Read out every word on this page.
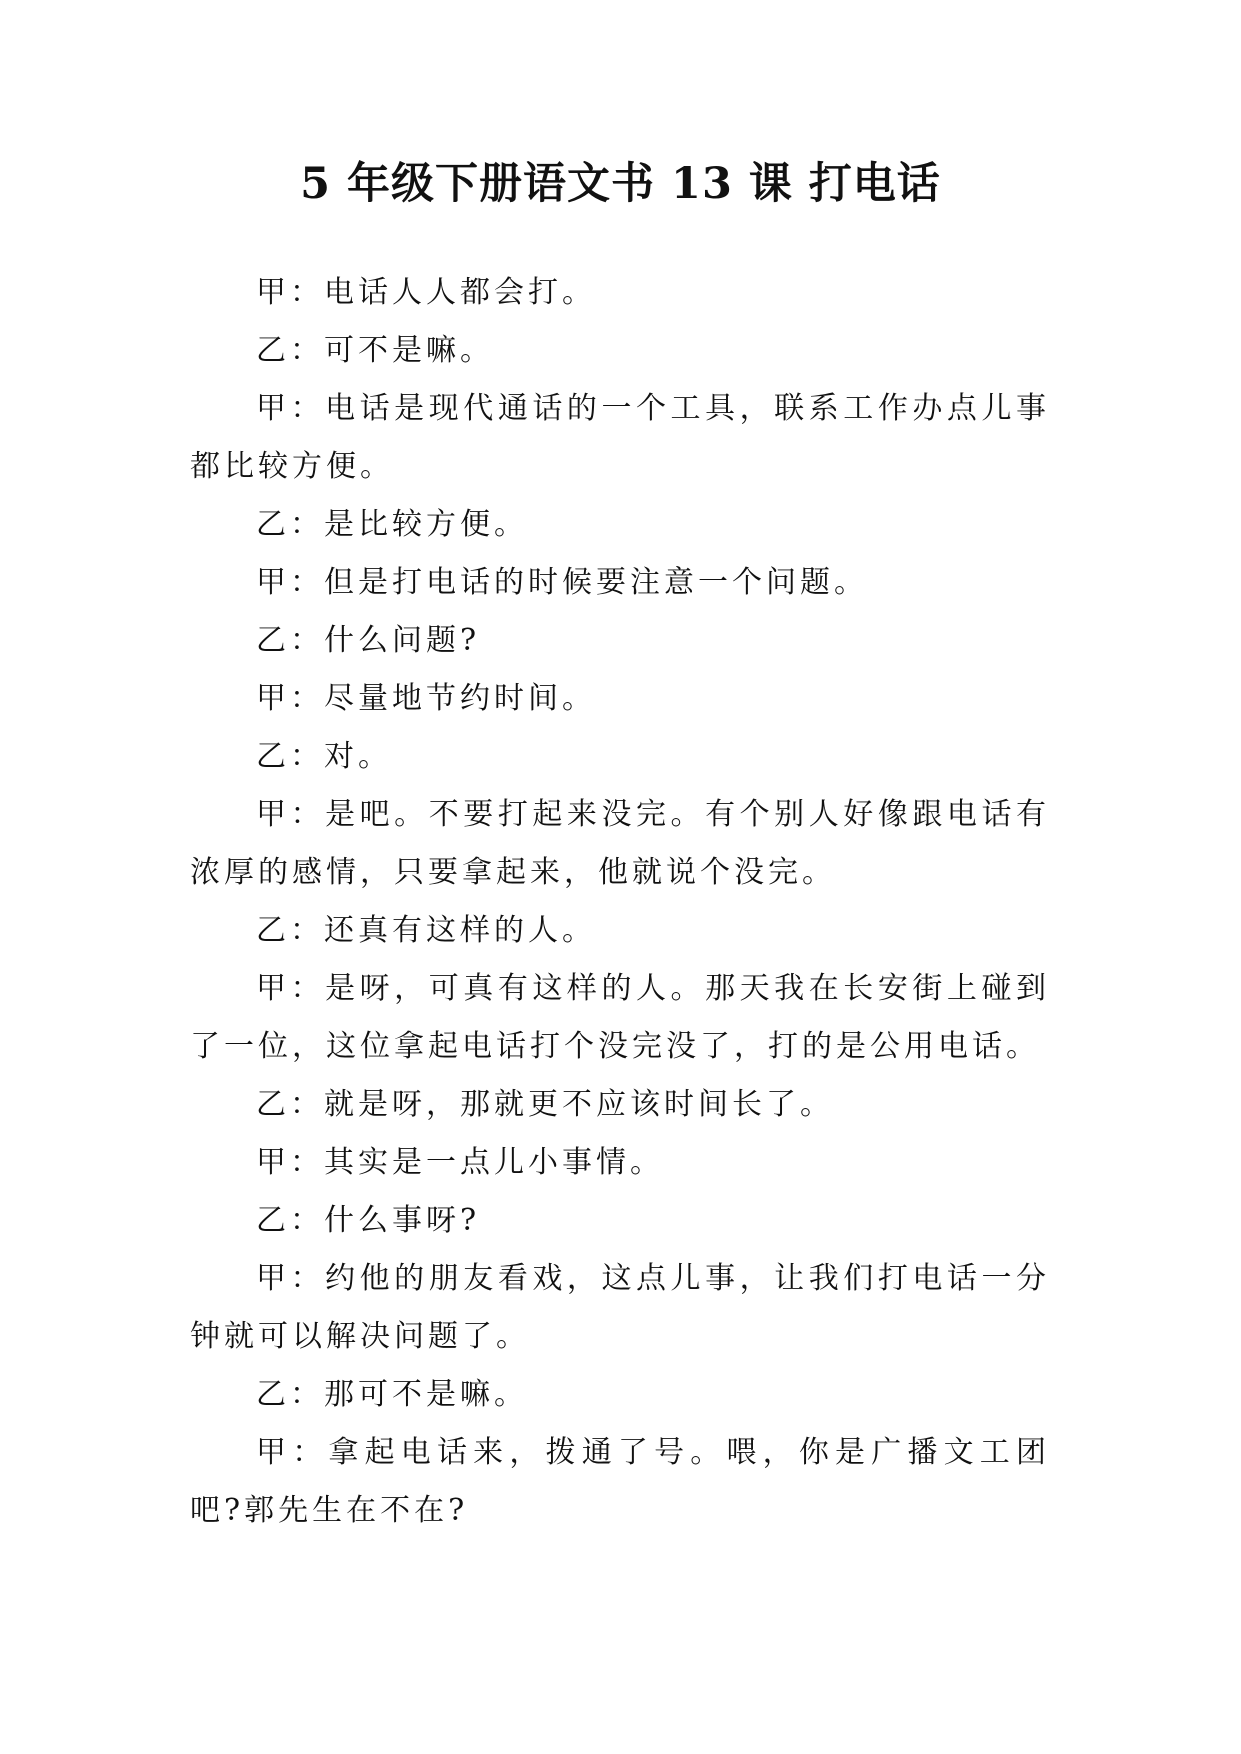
5 年级下册语文书 13 课 打电话

甲：电话人人都会打。

乙：可不是嘛。

甲：电话是现代通话的一个工具，联系工作办点儿事都比较方便。

乙：是比较方便。

甲：但是打电话的时候要注意一个问题。

乙：什么问题?

甲：尽量地节约时间。

乙：对。

甲：是吧。不要打起来没完。有个别人好像跟电话有浓厚的感情，只要拿起来，他就说个没完。

乙：还真有这样的人。

甲：是呀，可真有这样的人。那天我在长安街上碰到了一位，这位拿起电话打个没完没了，打的是公用电话。

乙：就是呀，那就更不应该时间长了。

甲：其实是一点儿小事情。

乙：什么事呀?

甲：约他的朋友看戏，这点儿事，让我们打电话一分钟就可以解决问题了。

乙：那可不是嘛。

甲：拿起电话来，拨通了号。喂，你是广播文工团吧?郭先生在不在?
